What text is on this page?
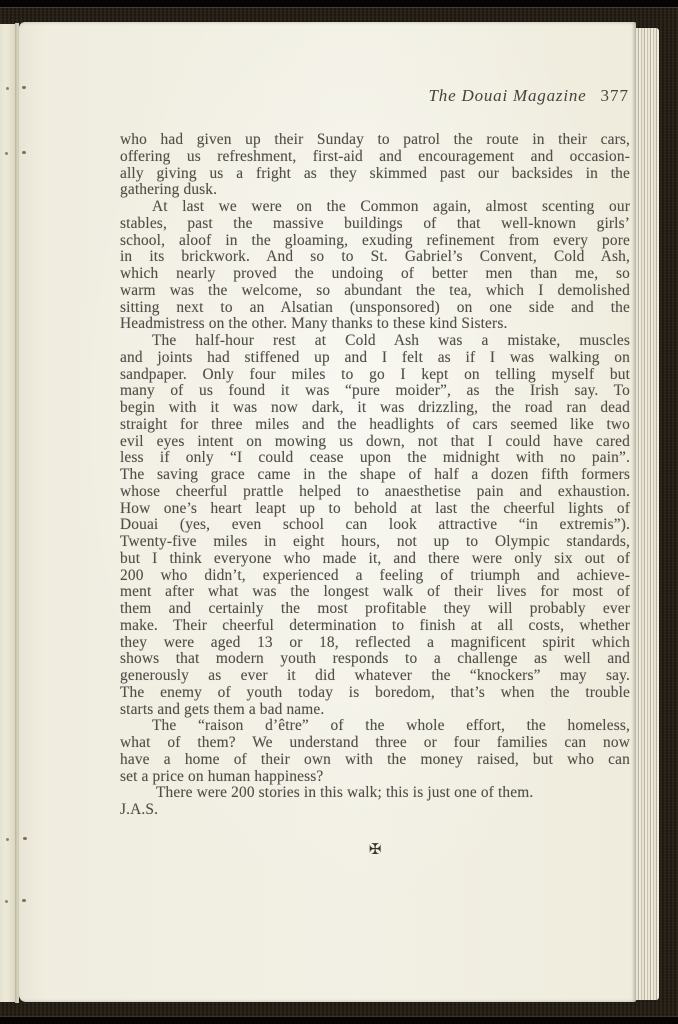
The Douai Magazine 377
who had given up their Sunday to patrol the route in their cars,
offering us refreshment, first-aid and encouragement and occasion-
ally giving us a fright as they skimmed past our backsides in the
gathering dusk.
At last we were on the Common again, almost scenting our
stables, past the massive buildings of that well-known girls’
school, aloof in the gloaming, exuding refinement from every pore
in its brickwork. And so to St. Gabriel’s Convent, Cold Ash,
which nearly proved the undoing of better men than me, so
warm was the welcome, so abundant the tea, which I demolished
sitting next to an Alsatian (unsponsored) on one side and the
Headmistress on the other. Many thanks to these kind Sisters.
The half-hour rest at Cold Ash was a mistake, muscles
and joints had stiffened up and I felt as if I was walking on
sandpaper. Only four miles to go I kept on telling myself but
many of us found it was “pure moider”, as the Irish say. To
begin with it was now dark, it was drizzling, the road ran dead
straight for three miles and the headlights of cars seemed like two
evil eyes intent on mowing us down, not that I could have cared
less if only “I could cease upon the midnight with no pain”.
The saving grace came in the shape of half a dozen fifth formers
whose cheerful prattle helped to anaesthetise pain and exhaustion.
How one’s heart leapt up to behold at last the cheerful lights of
Douai (yes, even school can look attractive “in extremis”).
Twenty-five miles in eight hours, not up to Olympic standards,
but I think everyone who made it, and there were only six out of
200 who didn’t, experienced a feeling of triumph and achieve-
ment after what was the longest walk of their lives for most of
them and certainly the most profitable they will probably ever
make. Their cheerful determination to finish at all costs, whether
they were aged 13 or 18, reflected a magnificent spirit which
shows that modern youth responds to a challenge as well and
generously as ever it did whatever the “knockers” may say.
The enemy of youth today is boredom, that’s when the trouble
starts and gets them a bad name.
The “raison d’être” of the whole effort, the homeless,
what of them? We understand three or four families can now
have a home of their own with the money raised, but who can
set a price on human happiness?
There were 200 stories in this walk; this is just one of them.
J.A.S.
✠
